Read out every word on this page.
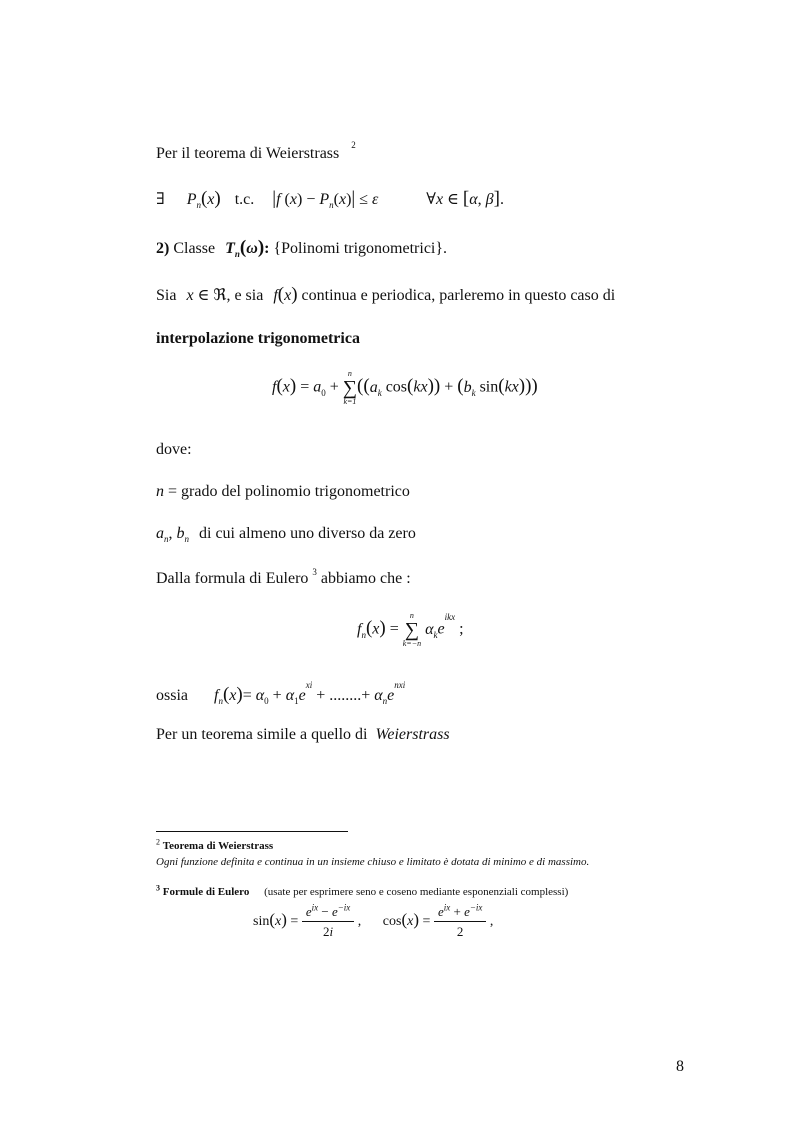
Per il teorema di Weierstrass $^2$
∃ $P_n(x)$ t.c. |f $(x) - P_n(x)| \le \varepsilon$	∀x ∈ [α, β].
2) Classe $T_n(\omega)$: {Polinomi trigonometrici}.
Sia x ∈ ℜ, e sia f(x) continua e periodica, parleremo in questo caso di
interpolazione trigonometrica
$f(x) = a_0$ +
n
∑
k=1
(($a_k$ $\cos(kx)) + (b_k$ sin(kx)))
dove:
n = grado del polinomio trigonometrico
$a_n$, $b_n$ di cui almeno uno diverso da zero
Dalla formula di Eulero $^3$ abbiamo che :
$f_n(x)$ =
n
∑
k=−n
$\alpha_ke^{ikx}$ ;
ossia $f_n(x)= \alpha_0 + \alpha_1e^{xi}$ + ........+ $\alpha_ne^{nxi}$
Per un teorema simile a quello di Weierstrass
$^2$ Teorema di Weierstrass
Ogni funzione definita e continua in un insieme chiuso e limitato è dotata di minimo e di massimo.
$^3$ Formule di Eulero (usate per esprimere seno e coseno mediante esponenziali complessi)
$\sin(x) = \frac{e^{ix} - e^{-ix}}{2i}$ , $\cos(x) = \frac{e^{ix} + e^{-ix}}{2}$ ,
8
